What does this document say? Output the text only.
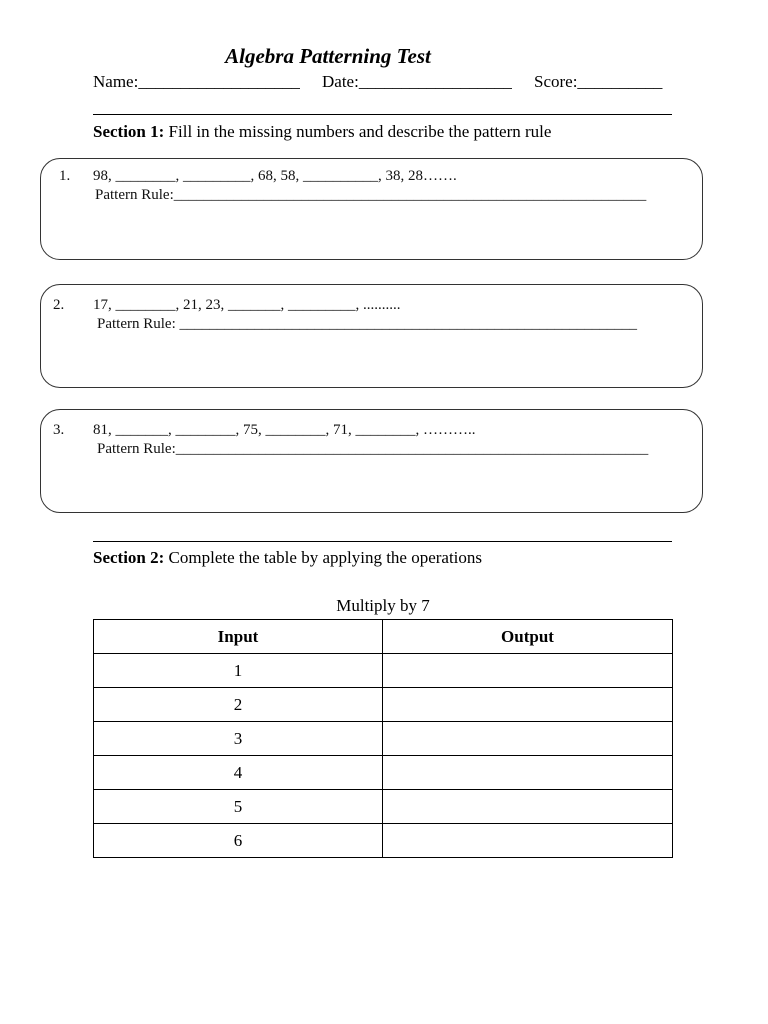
Algebra Patterning Test
Name:___________________ Date:__________________ Score:__________
Section 1: Fill in the missing numbers and describe the pattern rule
1. 98, ________, _________, 68, 58, __________, 38, 28…….
Pattern Rule:_______________________________________________________________
2. 17, ________, 21, 23, _______, _________, ..........
Pattern Rule: _____________________________________________________________
3. 81, _______, ________, 75, ________, 71, ________, ………..
Pattern Rule:_______________________________________________________________
Section 2: Complete the table by applying the operations
Multiply by 7
Input	Output
1	
2	
3	
4	
5	
6	
